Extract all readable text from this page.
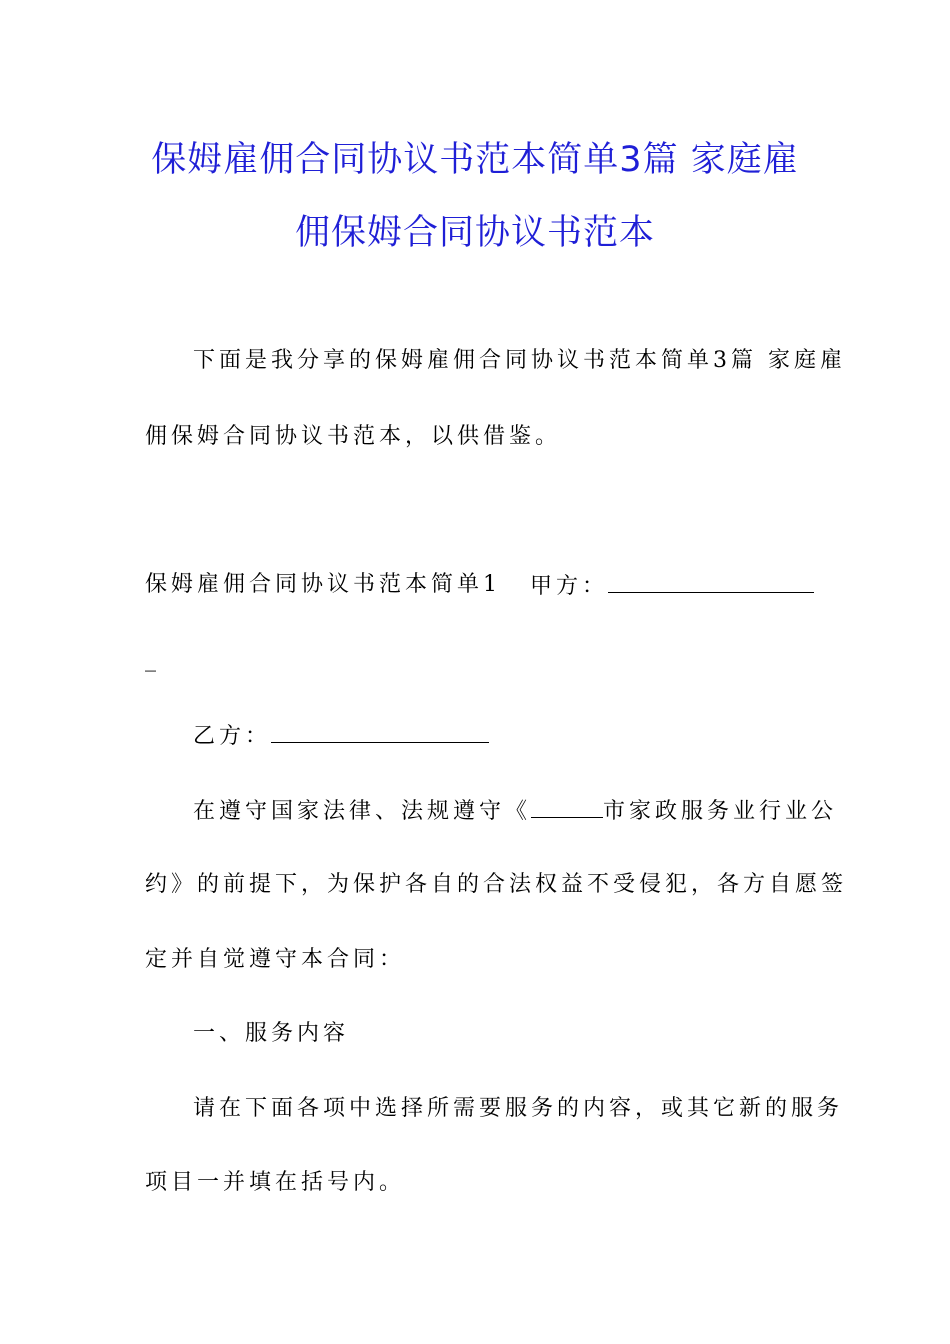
保姆雇佣合同协议书范本简单3篇 家庭雇
佣保姆合同协议书范本
下面是我分享的保姆雇佣合同协议书范本简单3篇 家庭雇
佣保姆合同协议书范本，以供借鉴。
保姆雇佣合同协议书范本简单1 甲方：
_
乙方：
在遵守国家法律、法规遵守《	市家政服务业行业公
约》的前提下，为保护各自的合法权益不受侵犯，各方自愿签
定并自觉遵守本合同：
一、服务内容
请在下面各项中选择所需要服务的内容，或其它新的服务
项目一并填在括号内。
